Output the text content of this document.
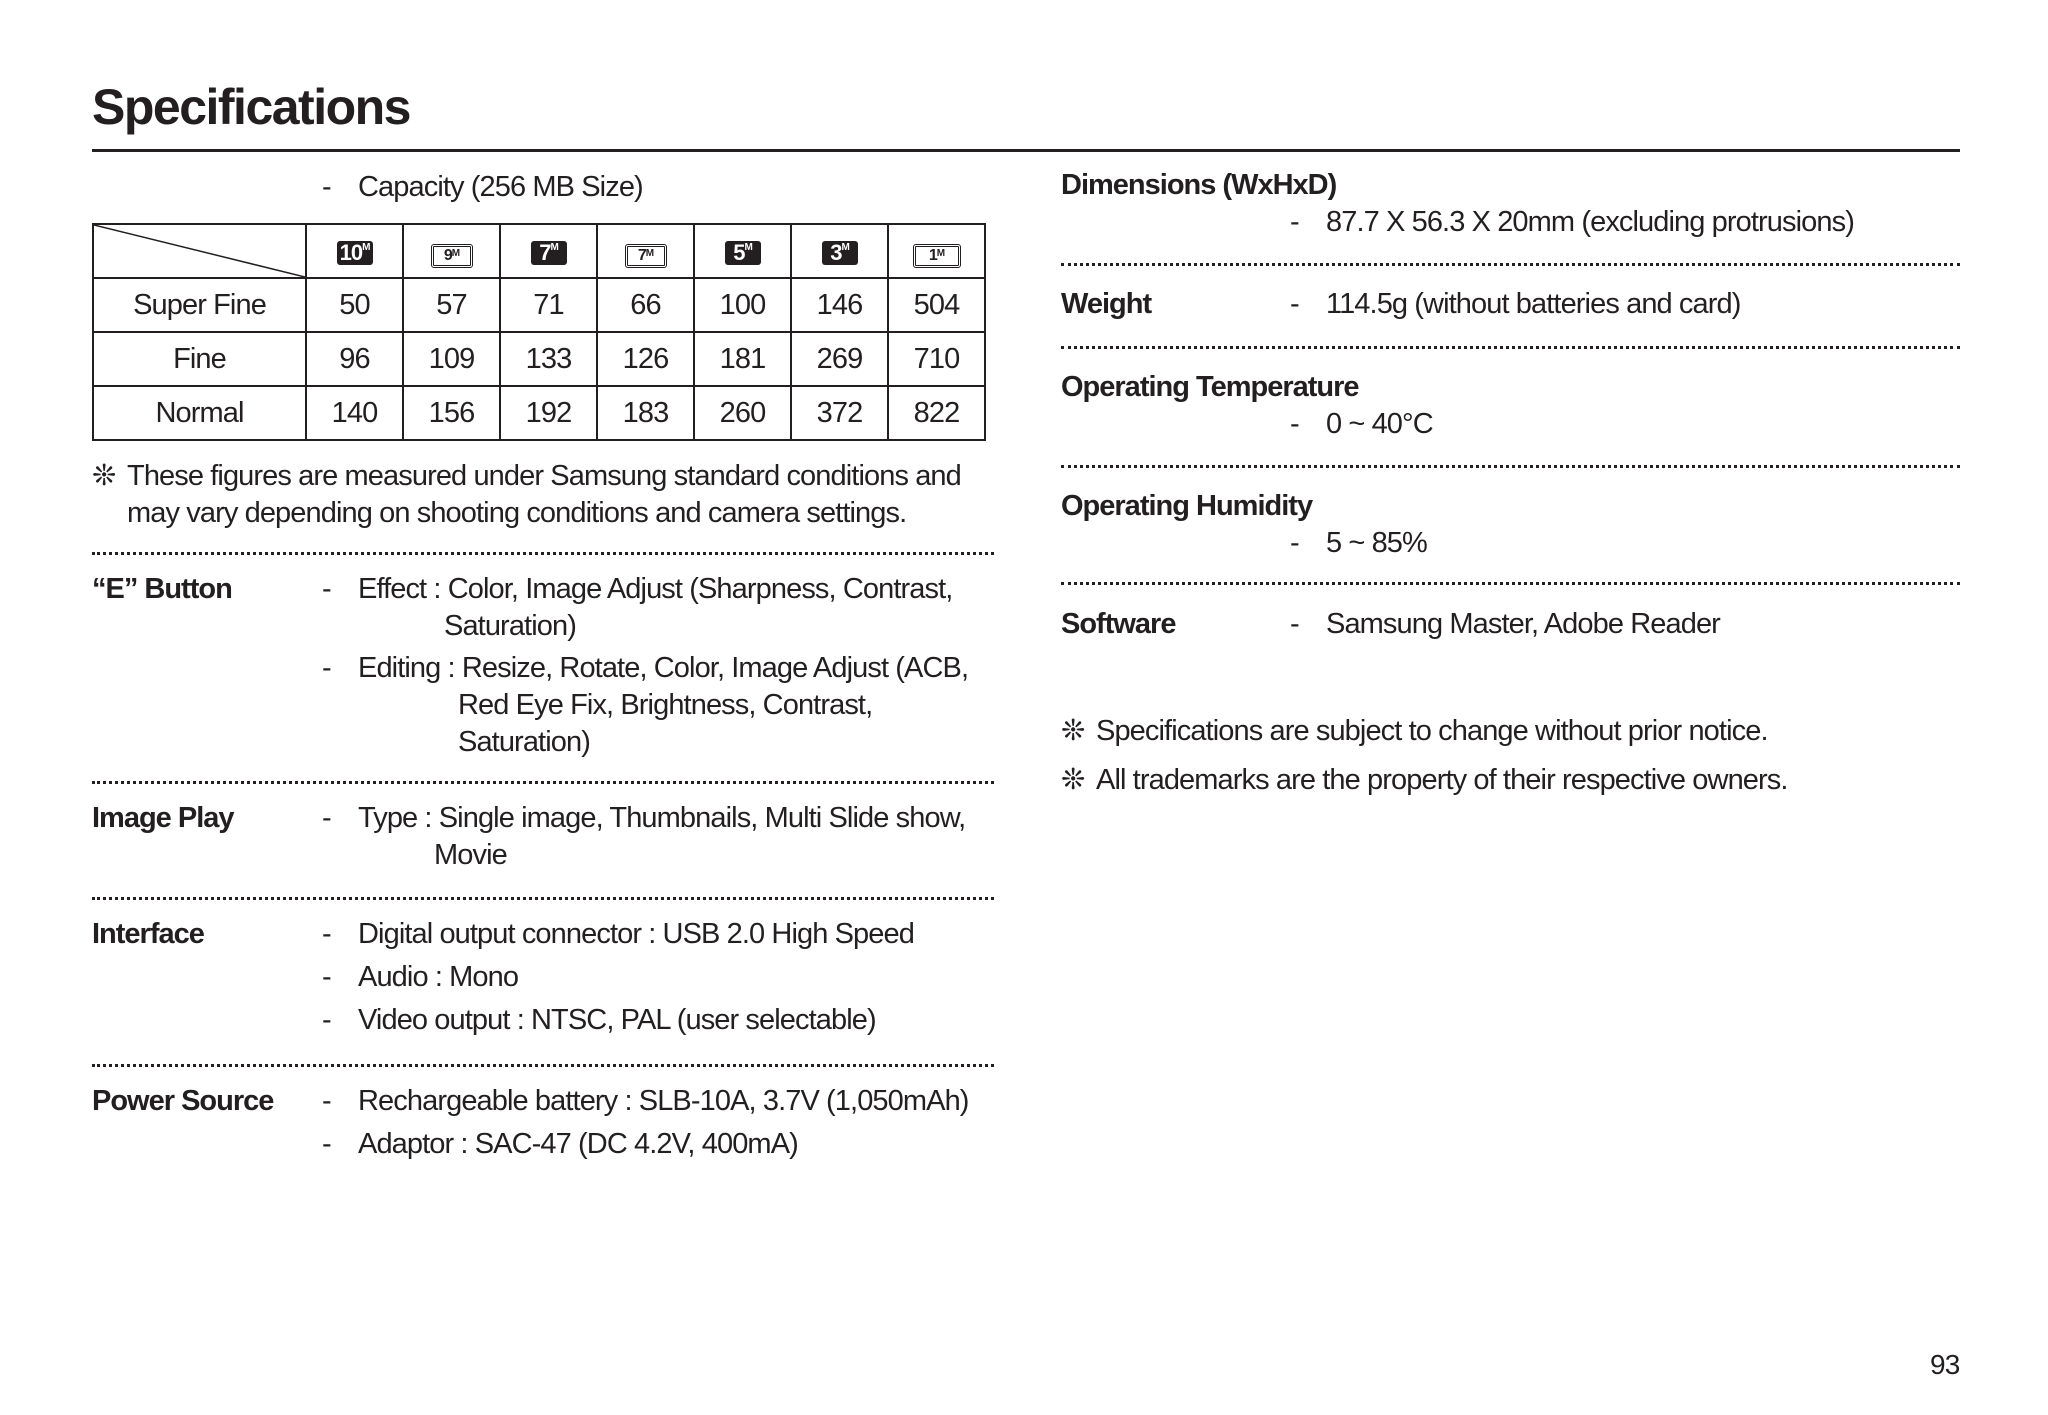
Specifications
- Capacity (256 MB Size)
	$10^M$	$9^M$	$7^M$	$7^M$	$5^M$	$3^M$	$1^M$
Super Fine	50	57	71	66	100	146	504
Fine	96	109	133	126	181	269	710
Normal	140	156	192	183	260	372	822
❊ These figures are measured under Samsung standard conditions and
may vary depending on shooting conditions and camera settings.
“E” Button	- Effect : Color, Image Adjust (Sharpness, Contrast,
Saturation)
- Editing : Resize, Rotate, Color, Image Adjust (ACB,
Red Eye Fix, Brightness, Contrast,
Saturation)
Image Play	- Type : Single image, Thumbnails, Multi Slide show,
Movie
Interface	- Digital output connector : USB 2.0 High Speed
- Audio : Mono
- Video output : NTSC, PAL (user selectable)
Power Source - Rechargeable battery : SLB-10A, 3.7V (1,050mAh)
- Adaptor : SAC-47 (DC 4.2V, 400mA)
Dimensions (WxHxD)
- 87.7 X 56.3 X 20mm (excluding protrusions)
Weight	- 114.5g (without batteries and card)
Operating Temperature
- 0 ~ 40°C
Operating Humidity
- 5 ~ 85%
Software	- Samsung Master, Adobe Reader
❊ Specifications are subject to change without prior notice.
❊ All trademarks are the property of their respective owners.
93
